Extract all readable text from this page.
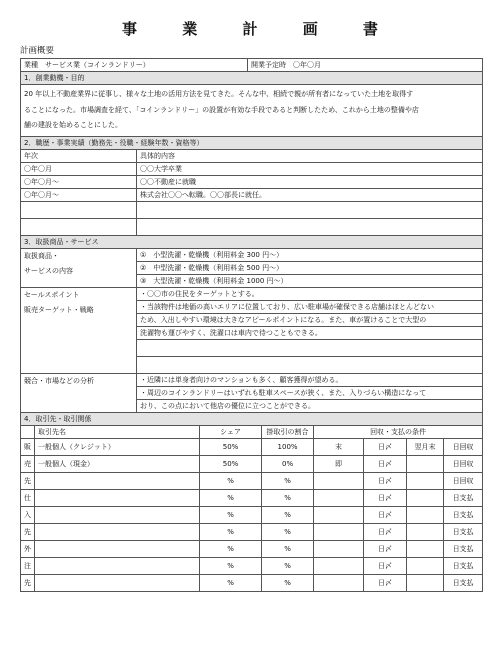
事 業 計 画 書
計画概要
業種　サービス業（コインランドリー）				開業予定時　〇年〇月					
1．創業動機・目的									

20 年以上不動産業界に従事し、様々な土地の活用方法を見てきた。そんな中、相続で親が所有者になっていた土地を取得す
ることになった。市場調査を経て、「コインランドリー」の設置が有効な手段であると判断したため、これから土地の整備や店
舗の建設を始めることにした。									

2．職歴・事業実績（勤務先・役職・経験年数・資格等）									
年次		具体的内容							
〇年〇月		〇〇大学卒業							
〇年〇月～		〇〇不動産に就職							
〇年〇月～		株式会社〇〇へ転職。〇〇部長に就任。							

3．取扱商品・サービス									

取扱商品・
サービスの内容		①　小型洗濯・乾燥機（利用料金 300 円～）							
		②　中型洗濯・乾燥機（利用料金 500 円～）							
		③　大型洗濯・乾燥機（利用料金 1000 円～）							

セールスポイント
販売ターゲット・戦略		・〇〇市の住民をターゲットとする。							
		・当該物件は地価の高いエリアに位置しており、広い駐車場が確保できる店舗はほとんどない							
		ため、入出しやすい環境は大きなアピールポイントになる。また、車が置けることで大型の							
		洗濯物も運びやすく、洗濯口は車内で待つこともできる。							

競合・市場などの分析		・近隣には単身者向けのマンションも多く、顧客獲得が望める。							
		・周辺のコインランドリーはいずれも駐車スペースが狭く、また、入りづらい構造になって							
		おり、この点において他店の優位に立つことができる。							
4．取引先・取引関係									
	取引先名		シェア		掛取引の割合	回収・支払の条件			
販	一般個人（クレジット）		50%		100%	末	日〆	翌月末	日回収
売	一般個人（現金）		50%		0%	即	日〆		日回収
先			%		%		日〆		日回収
仕			%		%		日〆		日支払
入			%		%		日〆		日支払
先			%		%		日〆		日支払
外			%		%		日〆		日支払
注			%		%		日〆		日支払
先			%		%		日〆		日支払
